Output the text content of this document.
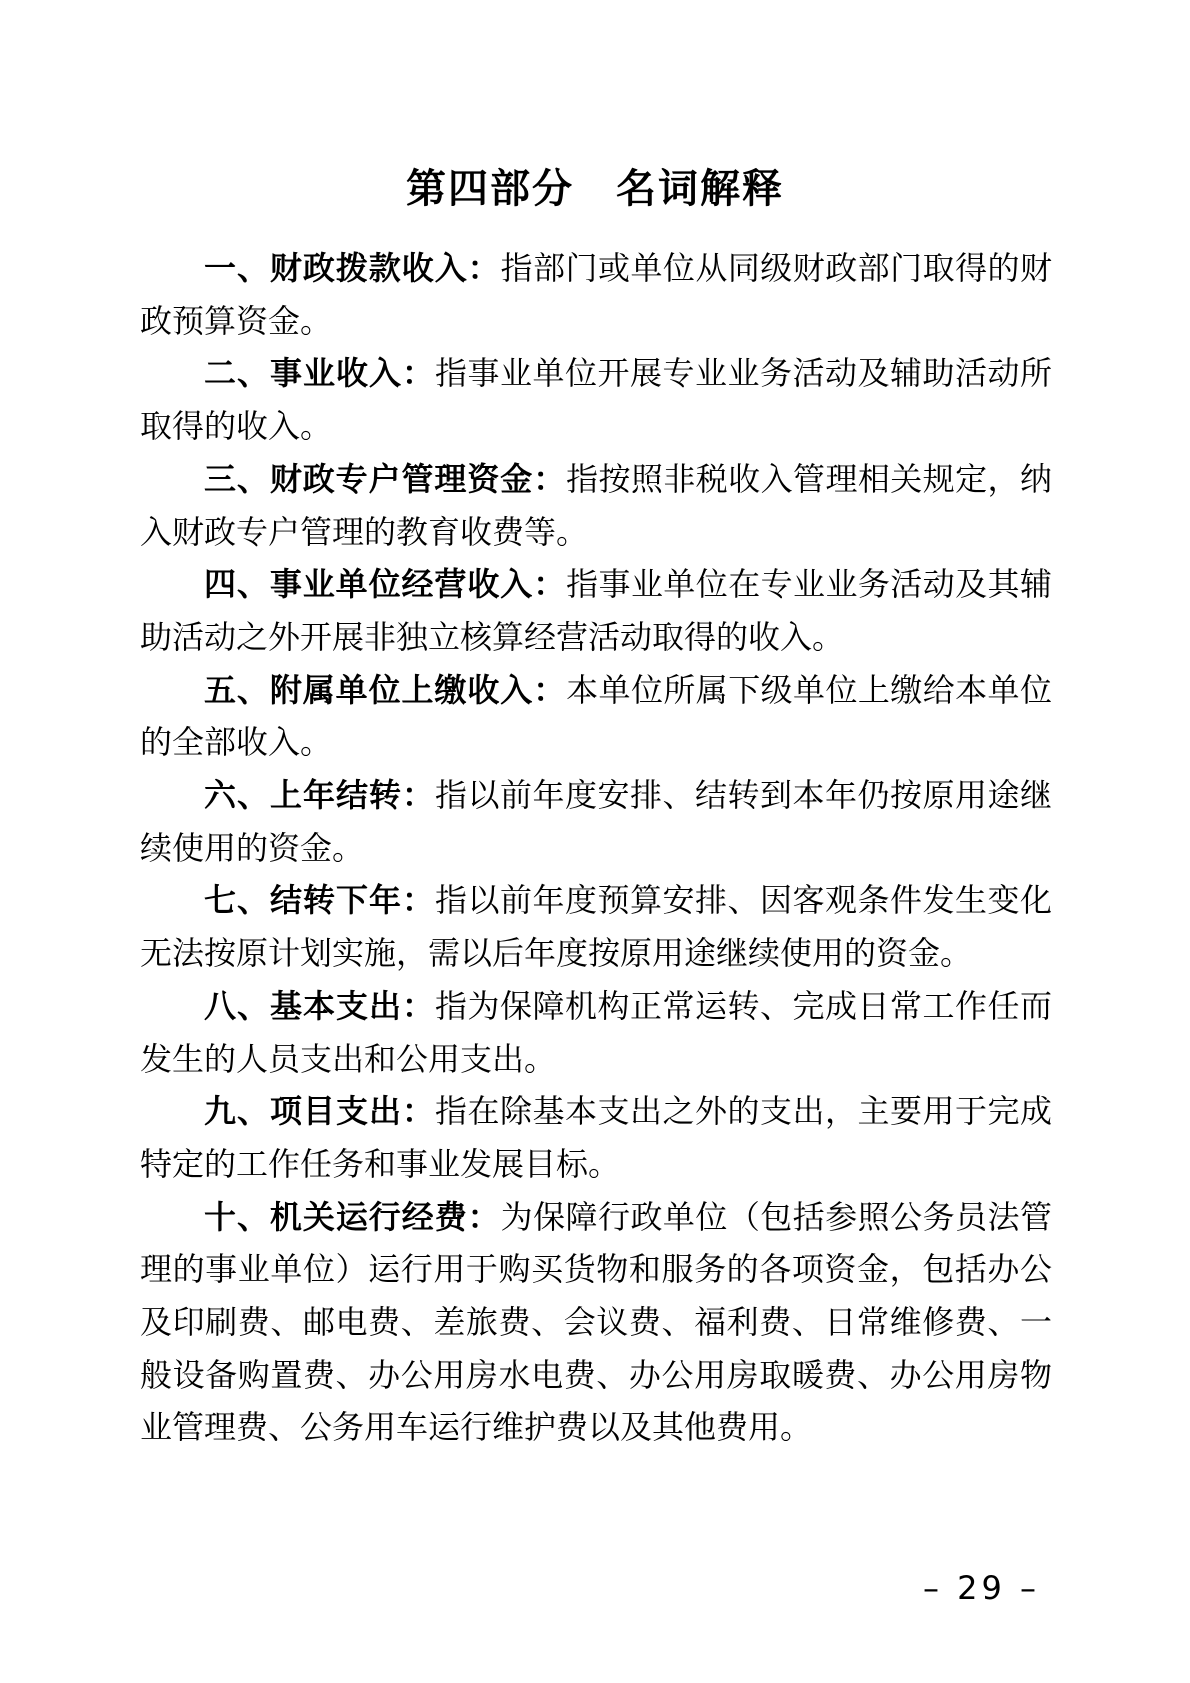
第四部分　名词解释

一、财政拨款收入：指部门或单位从同级财政部门取得的财政预算资金。

二、事业收入：指事业单位开展专业业务活动及辅助活动所取得的收入。

三、财政专户管理资金：指按照非税收入管理相关规定，纳入财政专户管理的教育收费等。

四、事业单位经营收入：指事业单位在专业业务活动及其辅助活动之外开展非独立核算经营活动取得的收入。

五、附属单位上缴收入：本单位所属下级单位上缴给本单位的全部收入。

六、上年结转：指以前年度安排、结转到本年仍按原用途继续使用的资金。

七、结转下年：指以前年度预算安排、因客观条件发生变化无法按原计划实施，需以后年度按原用途继续使用的资金。

八、基本支出：指为保障机构正常运转、完成日常工作任而发生的人员支出和公用支出。

九、项目支出：指在除基本支出之外的支出，主要用于完成特定的工作任务和事业发展目标。

十、机关运行经费：为保障行政单位（包括参照公务员法管理的事业单位）运行用于购买货物和服务的各项资金，包括办公及印刷费、邮电费、差旅费、会议费、福利费、日常维修费、一般设备购置费、办公用房水电费、办公用房取暖费、办公用房物业管理费、公务用车运行维护费以及其他费用。

– 29 –
